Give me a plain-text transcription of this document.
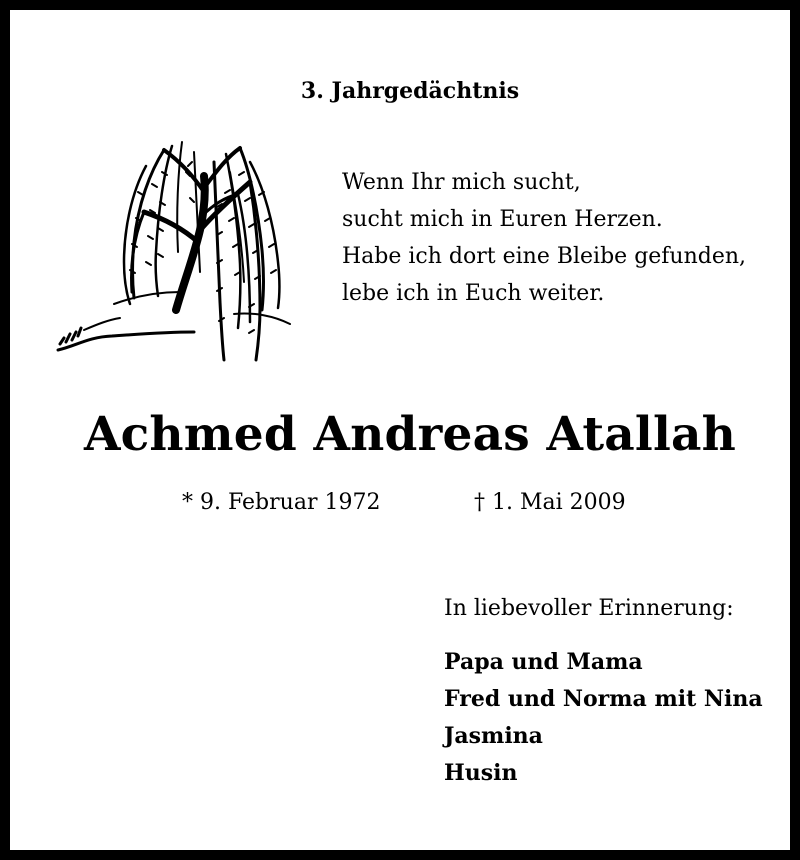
3. Jahrgedächtnis
Wenn Ihr mich sucht,
sucht mich in Euren Herzen.
Habe ich dort eine Bleibe gefunden,
lebe ich in Euch weiter.
Achmed Andreas Atallah
* 9. Februar 1972	† 1. Mai 2009
In liebevoller Erinnerung:
Papa und Mama
Fred und Norma mit Nina
Jasmina
Husin
